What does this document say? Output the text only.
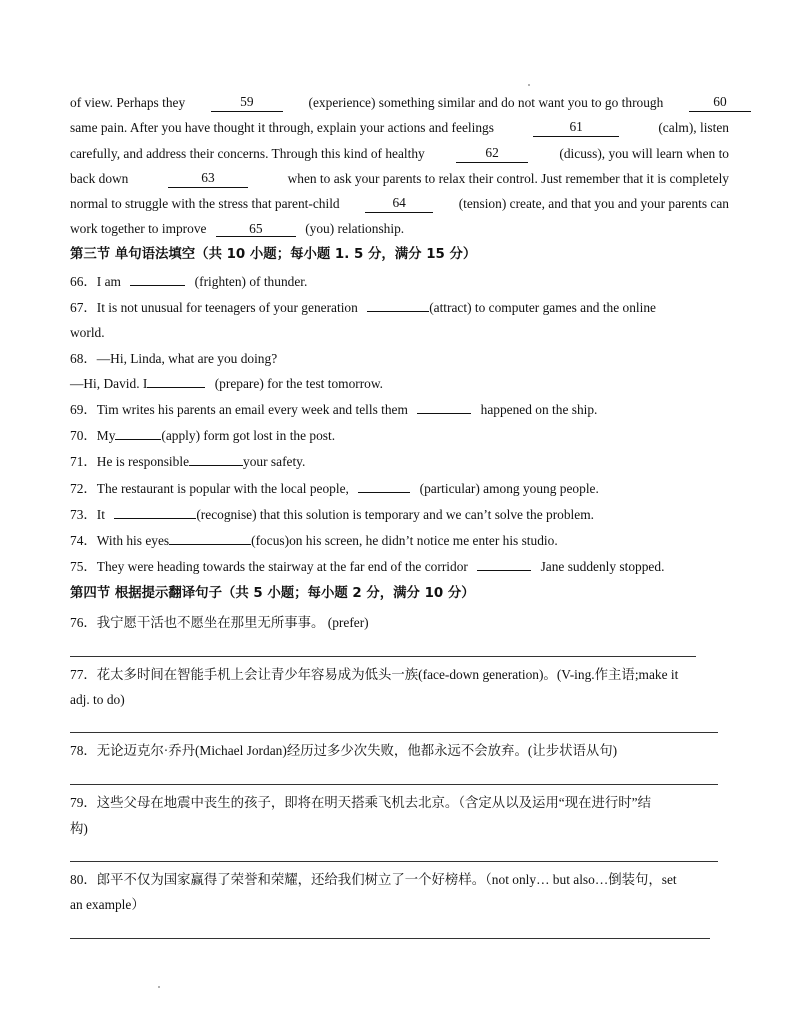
of view. Perhaps they	59	(experience) something similar and do not want you to go through	60
same pain. After you have thought it through, explain your actions and feelings	61	(calm), listen
carefully, and address their concerns. Through this kind of healthy	62	(dicuss), you will learn when to
back down	63	when to ask your parents to relax their control. Just remember that it is completely
normal to struggle with the stress that parent-child	64	(tension) create, and that you and your parents can
work together to improve	65	(you) relationship.
第三节 单句语法填空（共 10 小题；每小题 1. 5 分，满分 15 分）
66．I am	(frighten) of thunder.
67．It is not unusual for teenagers of your generation	(attract) to computer games and the online
world.
68．—Hi, Linda, what are you doing?
—Hi, David. I	(prepare) for the test tomorrow.
69．Tim writes his parents an email every week and tells them	happened on the ship.
70．My	(apply) form got lost in the post.
71．He is responsible	your safety.
72．The restaurant is popular with the local people,	(particular) among young people.
73．It	(recognise) that this solution is temporary and we can’t solve the problem.
74．With his eyes	(focus)on his screen, he didn’t notice me enter his studio.
75．They were heading towards the stairway at the far end of the corridor	Jane suddenly stopped.
第四节 根据提示翻译句子（共 5 小题；每小题 2 分，满分 10 分）
76．我宁愿干活也不愿坐在那里无所事事。 (prefer)
77．花太多时间在智能手机上会让青少年容易成为低头一族(face-down generation)。(V-ing.作主语;make it
adj. to do)
78．无论迈克尔·乔丹(Michael Jordan)经历过多少次失败，他都永远不会放弃。(让步状语从句)
79．这些父母在地震中丧生的孩子，即将在明天搭乘飞机去北京。（含定从以及运用“现在进行时”结
构)
80．郎平不仅为国家赢得了荣誉和荣耀，还给我们树立了一个好榜样。（not only… but also…倒装句，set
an example）
